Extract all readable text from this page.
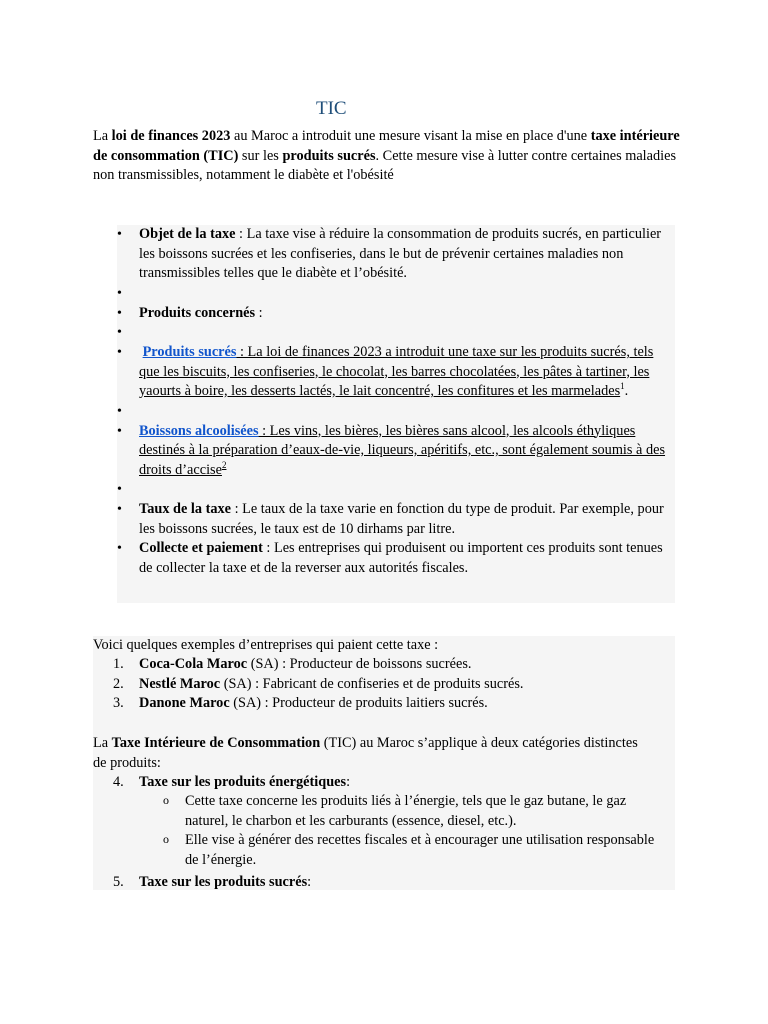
TIC
La loi de finances 2023 au Maroc a introduit une mesure visant la mise en place d'une taxe intérieure de consommation (TIC) sur les produits sucrés. Cette mesure vise à lutter contre certaines maladies non transmissibles, notamment le diabète et l'obésité
• Objet de la taxe : La taxe vise à réduire la consommation de produits sucrés, en particulier les boissons sucrées et les confiseries, dans le but de prévenir certaines maladies non transmissibles telles que le diabète et l’obésité.
•
• Produits concernés :
•
• Produits sucrés : La loi de finances 2023 a introduit une taxe sur les produits sucrés, tels que les biscuits, les confiseries, le chocolat, les barres chocolatées, les pâtes à tartiner, les yaourts à boire, les desserts lactés, le lait concentré, les confitures et les marmelades$^1$.
•
• Boissons alcoolisées : Les vins, les bières, les bières sans alcool, les alcools éthyliques destinés à la préparation d’eaux-de-vie, liqueurs, apéritifs, etc., sont également soumis à des droits d’accise$^2$
•
• Taux de la taxe : Le taux de la taxe varie en fonction du type de produit. Par exemple, pour les boissons sucrées, le taux est de 10 dirhams par litre.
• Collecte et paiement : Les entreprises qui produisent ou importent ces produits sont tenues de collecter la taxe et de la reverser aux autorités fiscales.
Voici quelques exemples d’entreprises qui paient cette taxe :
1. Coca-Cola Maroc (SA) : Producteur de boissons sucrées.
2. Nestlé Maroc (SA) : Fabricant de confiseries et de produits sucrés.
3. Danone Maroc (SA) : Producteur de produits laitiers sucrés.
La Taxe Intérieure de Consommation (TIC) au Maroc s’applique à deux catégories distinctes de produits:
4. Taxe sur les produits énergétiques:
o Cette taxe concerne les produits liés à l’énergie, tels que le gaz butane, le gaz naturel, le charbon et les carburants (essence, diesel, etc.).
o Elle vise à générer des recettes fiscales et à encourager une utilisation responsable de l’énergie.
5. Taxe sur les produits sucrés:
